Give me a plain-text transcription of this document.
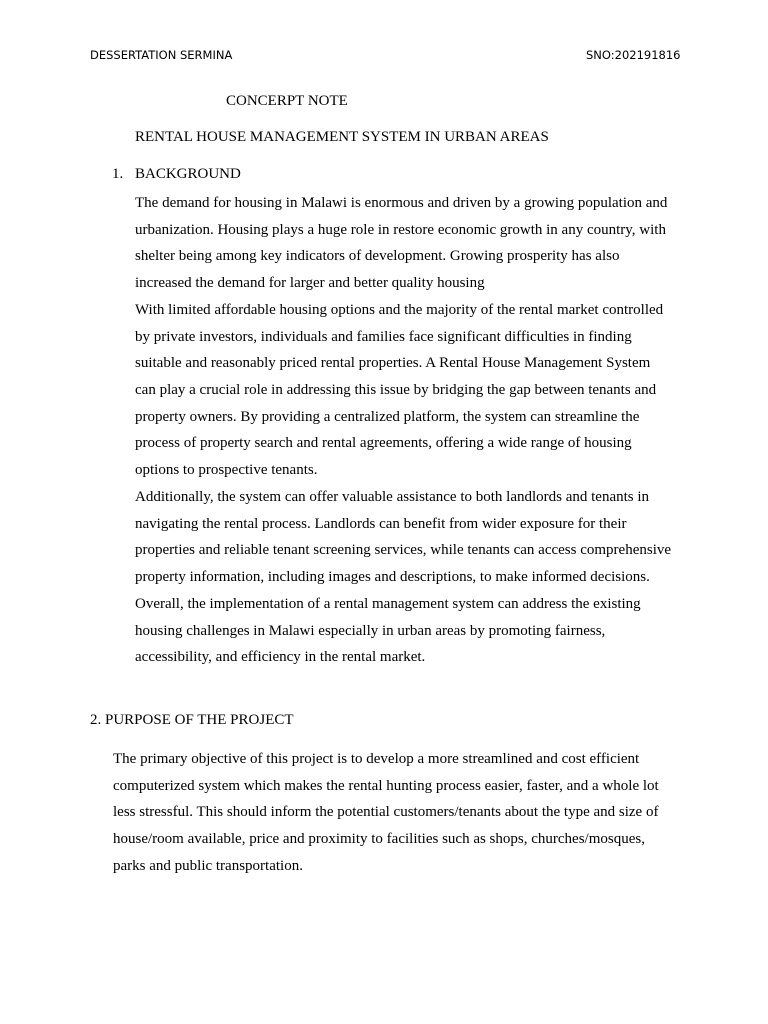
DESSERTATION SERMINA	SNO:202191816
CONCERPT NOTE
RENTAL HOUSE MANAGEMENT SYSTEM IN URBAN AREAS
1. BACKGROUND
The demand for housing in Malawi is enormous and driven by a growing population and
urbanization. Housing plays a huge role in restore economic growth in any country, with
shelter being among key indicators of development. Growing prosperity has also
increased the demand for larger and better quality housing
With limited affordable housing options and the majority of the rental market controlled
by private investors, individuals and families face significant difficulties in finding
suitable and reasonably priced rental properties. A Rental House Management System
can play a crucial role in addressing this issue by bridging the gap between tenants and
property owners. By providing a centralized platform, the system can streamline the
process of property search and rental agreements, offering a wide range of housing
options to prospective tenants.
Additionally, the system can offer valuable assistance to both landlords and tenants in
navigating the rental process. Landlords can benefit from wider exposure for their
properties and reliable tenant screening services, while tenants can access comprehensive
property information, including images and descriptions, to make informed decisions.
Overall, the implementation of a rental management system can address the existing
housing challenges in Malawi especially in urban areas by promoting fairness,
accessibility, and efficiency in the rental market.
2. PURPOSE OF THE PROJECT
The primary objective of this project is to develop a more streamlined and cost efficient
computerized system which makes the rental hunting process easier, faster, and a whole lot
less stressful. This should inform the potential customers/tenants about the type and size of
house/room available, price and proximity to facilities such as shops, churches/mosques,
parks and public transportation.
